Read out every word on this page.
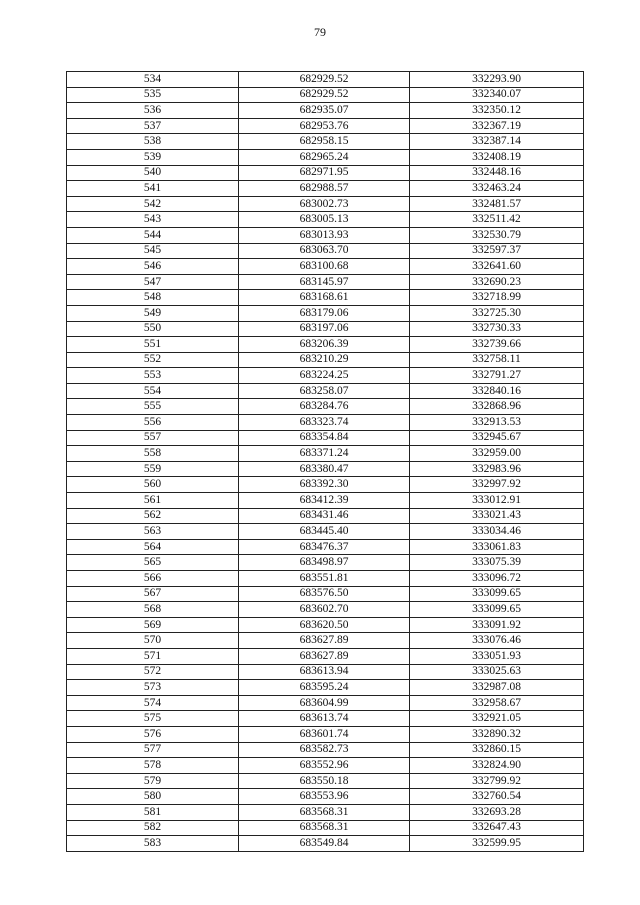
79
534	682929.52	332293.90
535	682929.52	332340.07
536	682935.07	332350.12
537	682953.76	332367.19
538	682958.15	332387.14
539	682965.24	332408.19
540	682971.95	332448.16
541	682988.57	332463.24
542	683002.73	332481.57
543	683005.13	332511.42
544	683013.93	332530.79
545	683063.70	332597.37
546	683100.68	332641.60
547	683145.97	332690.23
548	683168.61	332718.99
549	683179.06	332725.30
550	683197.06	332730.33
551	683206.39	332739.66
552	683210.29	332758.11
553	683224.25	332791.27
554	683258.07	332840.16
555	683284.76	332868.96
556	683323.74	332913.53
557	683354.84	332945.67
558	683371.24	332959.00
559	683380.47	332983.96
560	683392.30	332997.92
561	683412.39	333012.91
562	683431.46	333021.43
563	683445.40	333034.46
564	683476.37	333061.83
565	683498.97	333075.39
566	683551.81	333096.72
567	683576.50	333099.65
568	683602.70	333099.65
569	683620.50	333091.92
570	683627.89	333076.46
571	683627.89	333051.93
572	683613.94	333025.63
573	683595.24	332987.08
574	683604.99	332958.67
575	683613.74	332921.05
576	683601.74	332890.32
577	683582.73	332860.15
578	683552.96	332824.90
579	683550.18	332799.92
580	683553.96	332760.54
581	683568.31	332693.28
582	683568.31	332647.43
583	683549.84	332599.95
